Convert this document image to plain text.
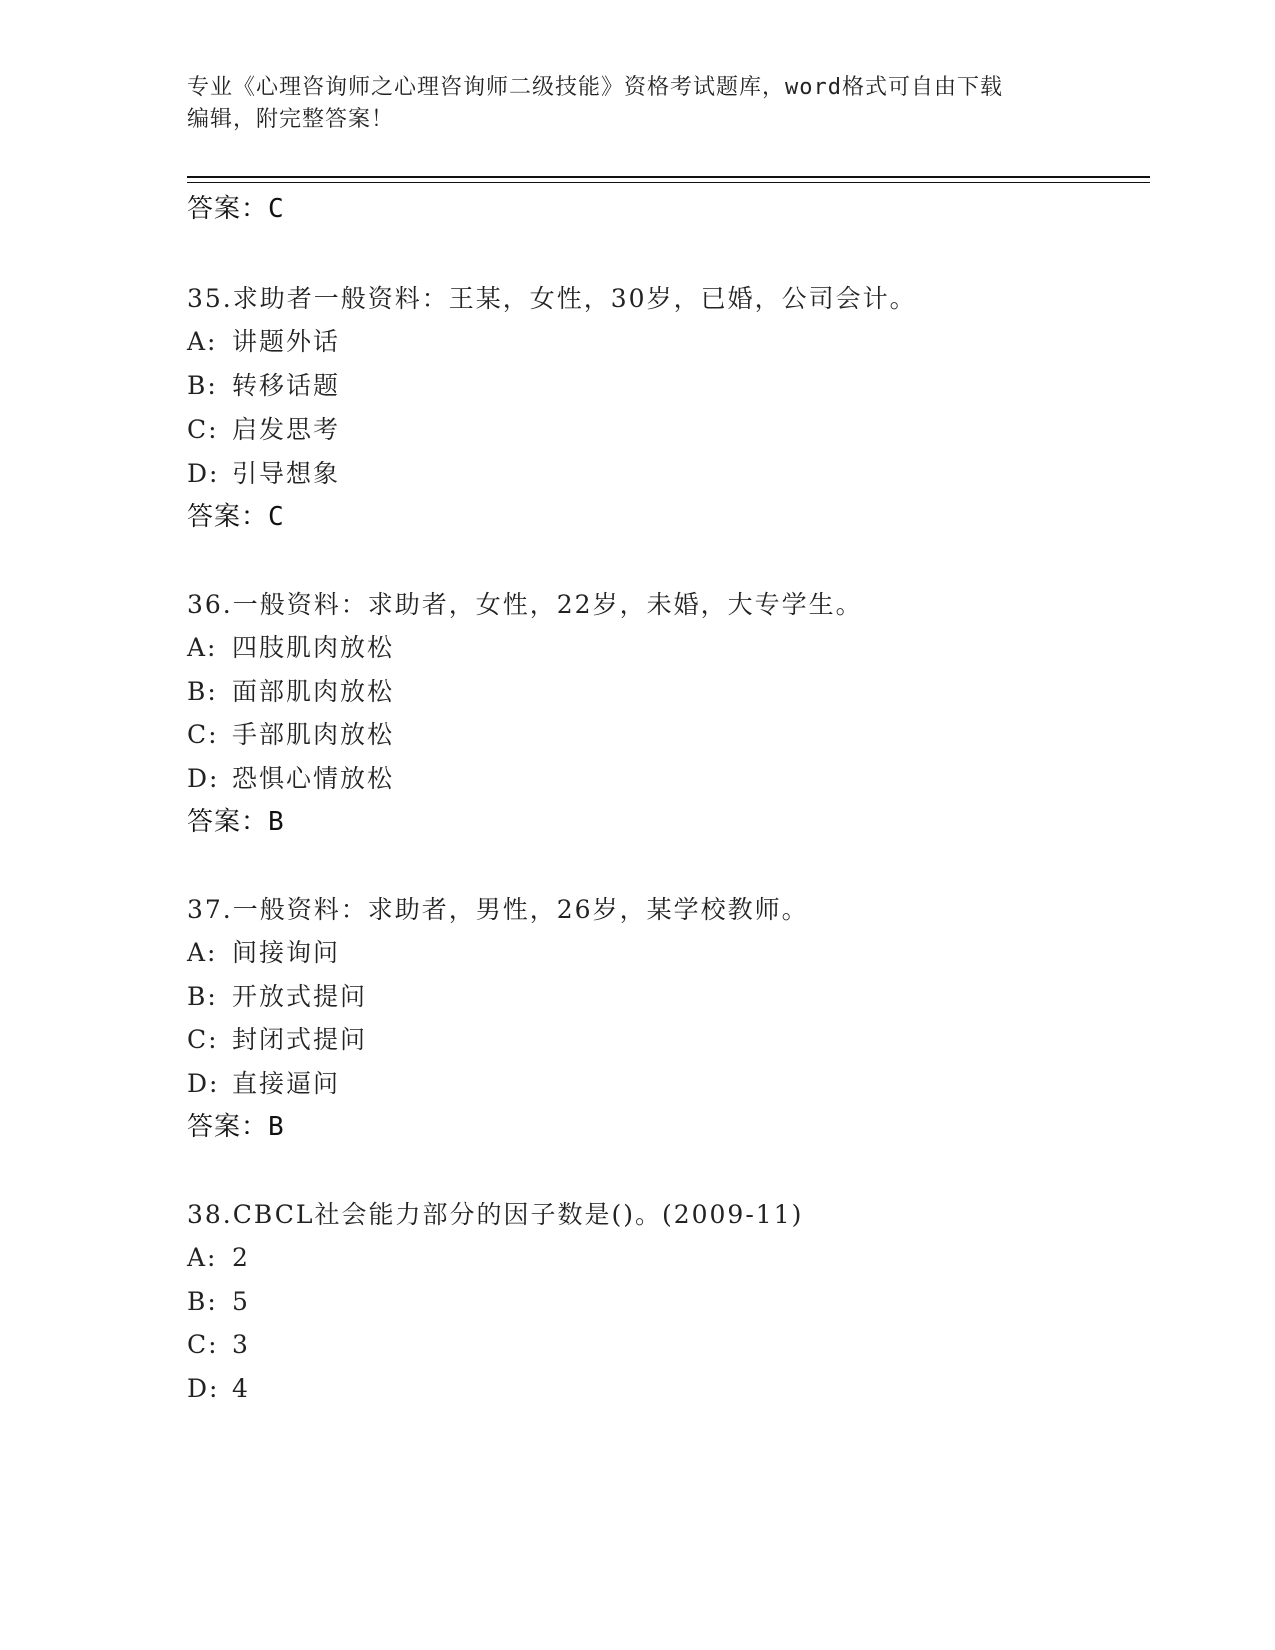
专业《心理咨询师之心理咨询师二级技能》资格考试题库，word格式可自由下载
编辑，附完整答案！
答案：C
35.求助者一般资料：王某，女性，30岁，已婚，公司会计。
A: 讲题外话
B: 转移话题
C: 启发思考
D: 引导想象
答案：C
36.一般资料：求助者，女性，22岁，未婚，大专学生。
A: 四肢肌肉放松
B: 面部肌肉放松
C: 手部肌肉放松
D: 恐惧心情放松
答案：B
37.一般资料：求助者，男性，26岁，某学校教师。
A: 间接询问
B: 开放式提问
C: 封闭式提问
D: 直接逼问
答案：B
38.CBCL社会能力部分的因子数是()。(2009-11)
A: 2
B: 5
C: 3
D: 4
